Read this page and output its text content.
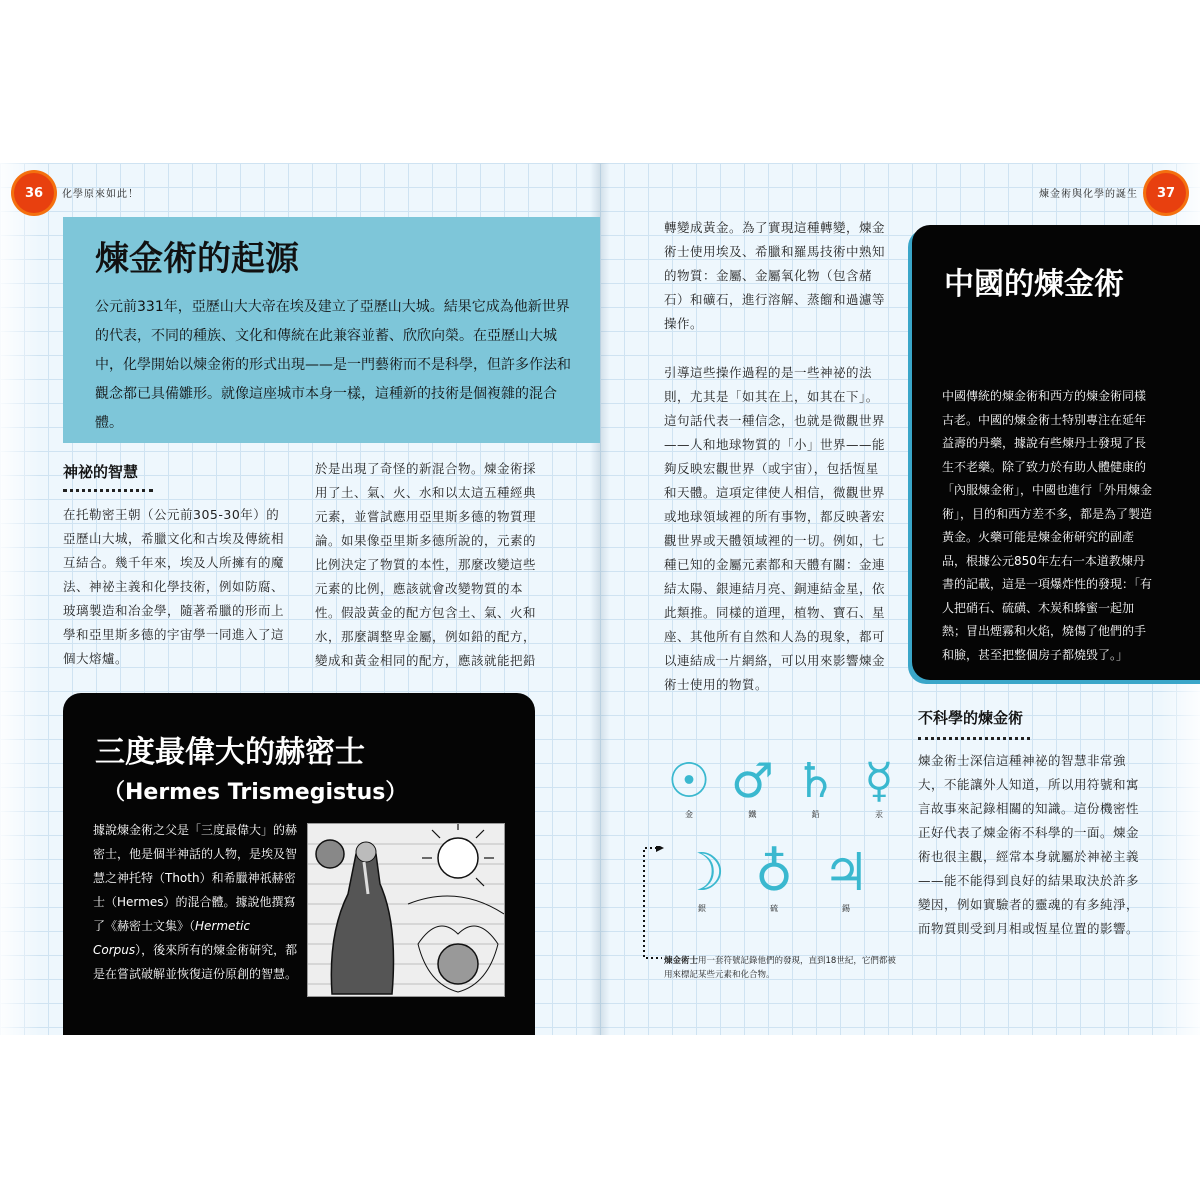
36 化學原來如此！	37
煉金術與化學的誕生
煉金術的起源

公元前331年，亞歷山大大帝在埃及建立了亞歷山大城。結果它成為他新世界的代表，不同的種族、文化和傳統在此兼容並蓄、欣欣向榮。在亞歷山大城中，化學開始以煉金術的形式出現——是一門藝術而不是科學，但許多作法和觀念都已具備雛形。就像這座城市本身一樣，這種新的技術是個複雜的混合體。

神祕的智慧

在托勒密王朝（公元前305-30年）的亞歷山大城，希臘文化和古埃及傳統相互結合。幾千年來，埃及人所擁有的魔法、神祕主義和化學技術，例如防腐、玻璃製造和冶金學，隨著希臘的形而上學和亞里斯多德的宇宙學一同進入了這個大熔爐。

於是出現了奇怪的新混合物。煉金術採用了土、氣、火、水和以太這五種經典元素，並嘗試應用亞里斯多德的物質理論。如果像亞里斯多德所說的，元素的比例決定了物質的本性，那麼改變這些元素的比例，應該就會改變物質的本性。假設黃金的配方包含土、氣、火和水，那麼調整卑金屬，例如鉛的配方，變成和黃金相同的配方，應該就能把鉛

三度最偉大的赫密士
（Hermes Trismegistus）

據說煉金術之父是「三度最偉大」的赫密士，他是個半神話的人物，是埃及智慧之神托特（Thoth）和希臘神祇赫密士（Hermes）的混合體。據說他撰寫了《赫密士文集》（Hermetic Corpus），後來所有的煉金術研究，都是在嘗試破解並恢復這份原創的智慧。

轉變成黃金。為了實現這種轉變，煉金術士使用埃及、希臘和羅馬技術中熟知的物質：金屬、金屬氧化物（包含赭石）和礦石，進行溶解、蒸餾和過濾等操作。

引導這些操作過程的是一些神祕的法則，尤其是「如其在上，如其在下」。這句話代表一種信念，也就是微觀世界——人和地球物質的「小」世界——能夠反映宏觀世界（或宇宙），包括恆星和天體。這項定律使人相信，微觀世界或地球領域裡的所有事物，都反映著宏觀世界或天體領域裡的一切。例如，七種已知的金屬元素都和天體有關：金連結太陽、銀連結月亮、銅連結金星，依此類推。同樣的道理，植物、寶石、星座、其他所有自然和人為的現象，都可以連結成一片網絡，可以用來影響煉金術士使用的物質。

☉
金
♂
鐵
♄
鉛
☿
汞
☽
銀
♁
硫
♃
錫

煉金術士用一套符號記錄他們的發現，直到18世紀，它們都被用來標記某些元素和化合物。

中國的煉金術

中國傳統的煉金術和西方的煉金術同樣古老。中國的煉金術士特別專注在延年益壽的丹藥，據說有些煉丹士發現了長生不老藥。除了致力於有助人體健康的「內服煉金術」，中國也進行「外用煉金術」，目的和西方差不多，都是為了製造黃金。火藥可能是煉金術研究的副產品，根據公元850年左右一本道教煉丹書的記載，這是一項爆炸性的發現：「有人把硝石、硫磺、木炭和蜂蜜一起加熱；冒出煙霧和火焰，燒傷了他們的手和臉，甚至把整個房子都燒毀了。」

不科學的煉金術

煉金術士深信這種神祕的智慧非常強大，不能讓外人知道，所以用符號和寓言故事來記錄相關的知識。這份機密性正好代表了煉金術不科學的一面。煉金術也很主觀，經常本身就屬於神祕主義——能不能得到良好的結果取決於許多變因，例如實驗者的靈魂的有多純淨，而物質則受到月相或恆星位置的影響。
